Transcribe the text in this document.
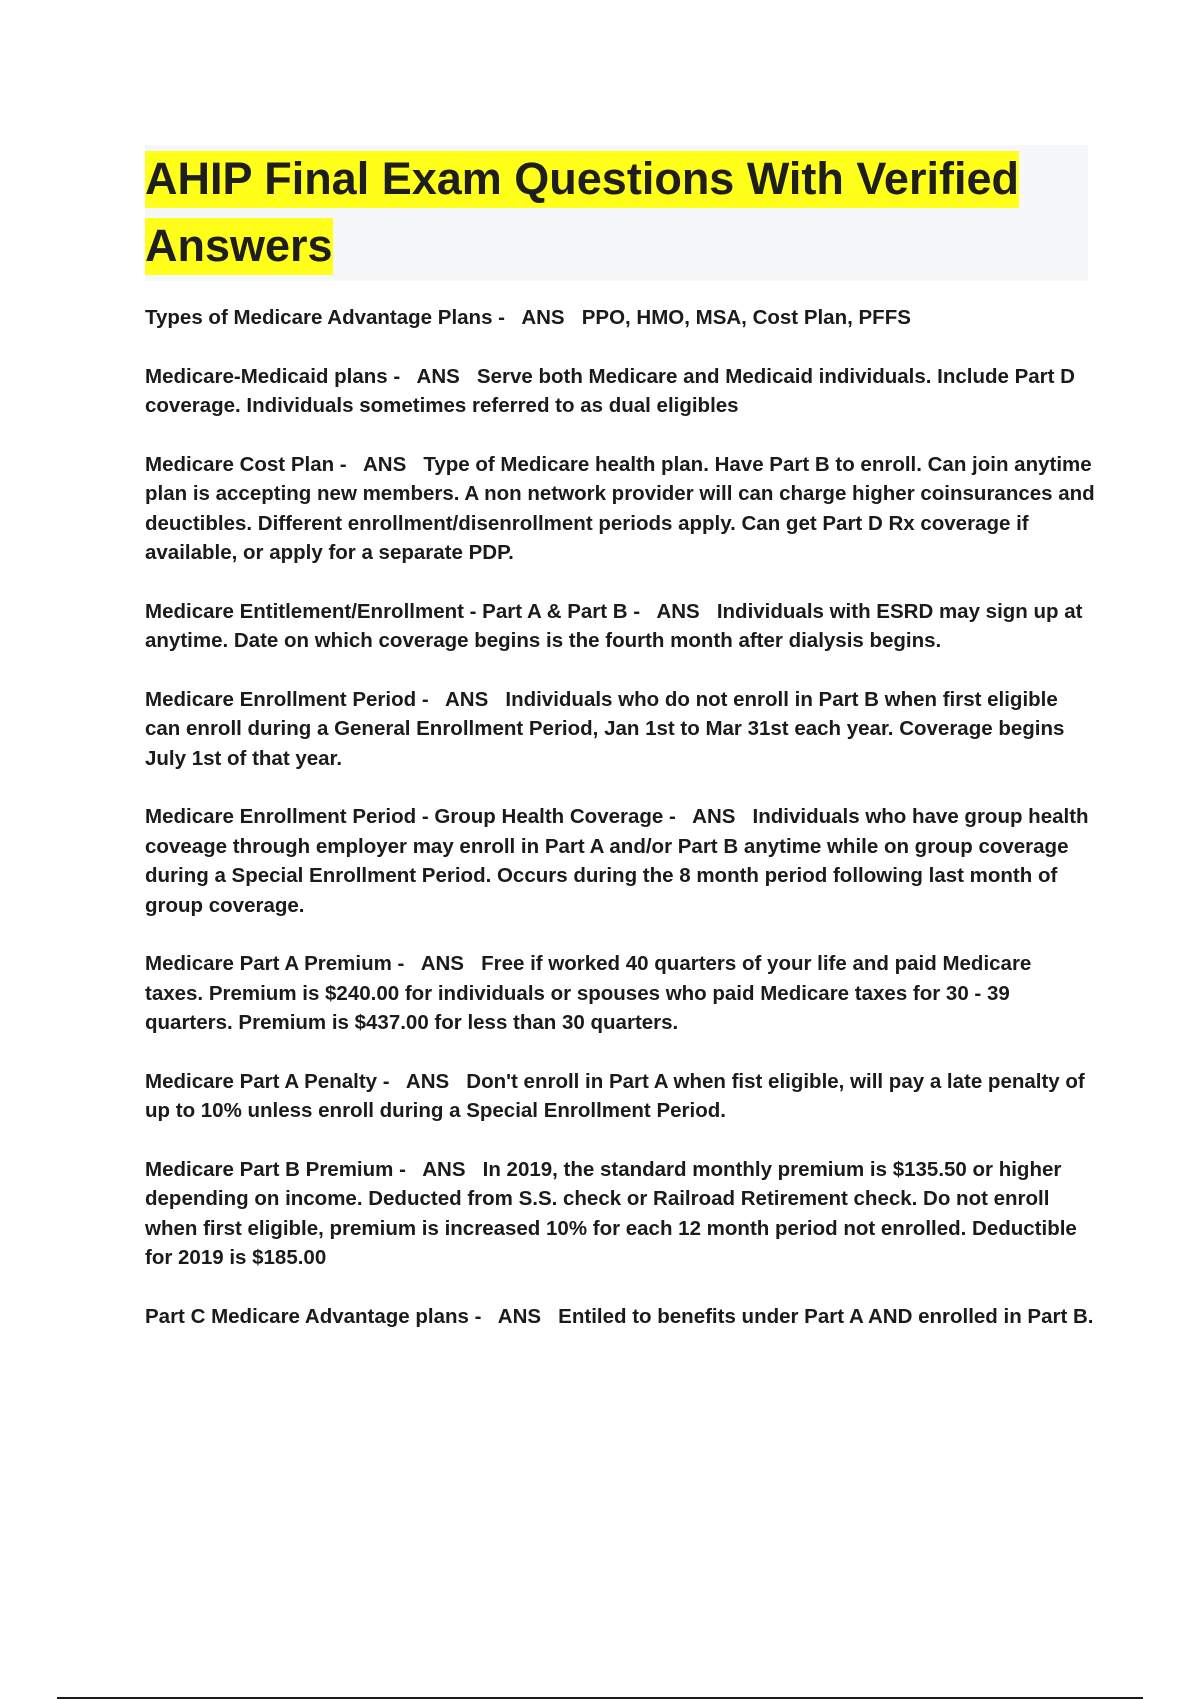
AHIP Final Exam Questions With Verified Answers

Types of Medicare Advantage Plans - ANS PPO, HMO, MSA, Cost Plan, PFFS

Medicare-Medicaid plans - ANS Serve both Medicare and Medicaid individuals. Include Part D coverage. Individuals sometimes referred to as dual eligibles

Medicare Cost Plan - ANS Type of Medicare health plan. Have Part B to enroll. Can join anytime plan is accepting new members. A non network provider will can charge higher coinsurances and deuctibles. Different enrollment/disenrollment periods apply. Can get Part D Rx coverage if available, or apply for a separate PDP.

Medicare Entitlement/Enrollment - Part A & Part B - ANS Individuals with ESRD may sign up at anytime. Date on which coverage begins is the fourth month after dialysis begins.

Medicare Enrollment Period - ANS Individuals who do not enroll in Part B when first eligible can enroll during a General Enrollment Period, Jan 1st to Mar 31st each year. Coverage begins July 1st of that year.

Medicare Enrollment Period - Group Health Coverage - ANS Individuals who have group health coveage through employer may enroll in Part A and/or Part B anytime while on group coverage during a Special Enrollment Period. Occurs during the 8 month period following last month of group coverage.

Medicare Part A Premium - ANS Free if worked 40 quarters of your life and paid Medicare taxes. Premium is $240.00 for individuals or spouses who paid Medicare taxes for 30 - 39 quarters. Premium is $437.00 for less than 30 quarters.

Medicare Part A Penalty - ANS Don't enroll in Part A when fist eligible, will pay a late penalty of up to 10% unless enroll during a Special Enrollment Period.

Medicare Part B Premium - ANS In 2019, the standard monthly premium is $135.50 or higher depending on income. Deducted from S.S. check or Railroad Retirement check. Do not enroll when first eligible, premium is increased 10% for each 12 month period not enrolled. Deductible for 2019 is $185.00

Part C Medicare Advantage plans - ANS Entiled to benefits under Part A AND enrolled in Part B.
